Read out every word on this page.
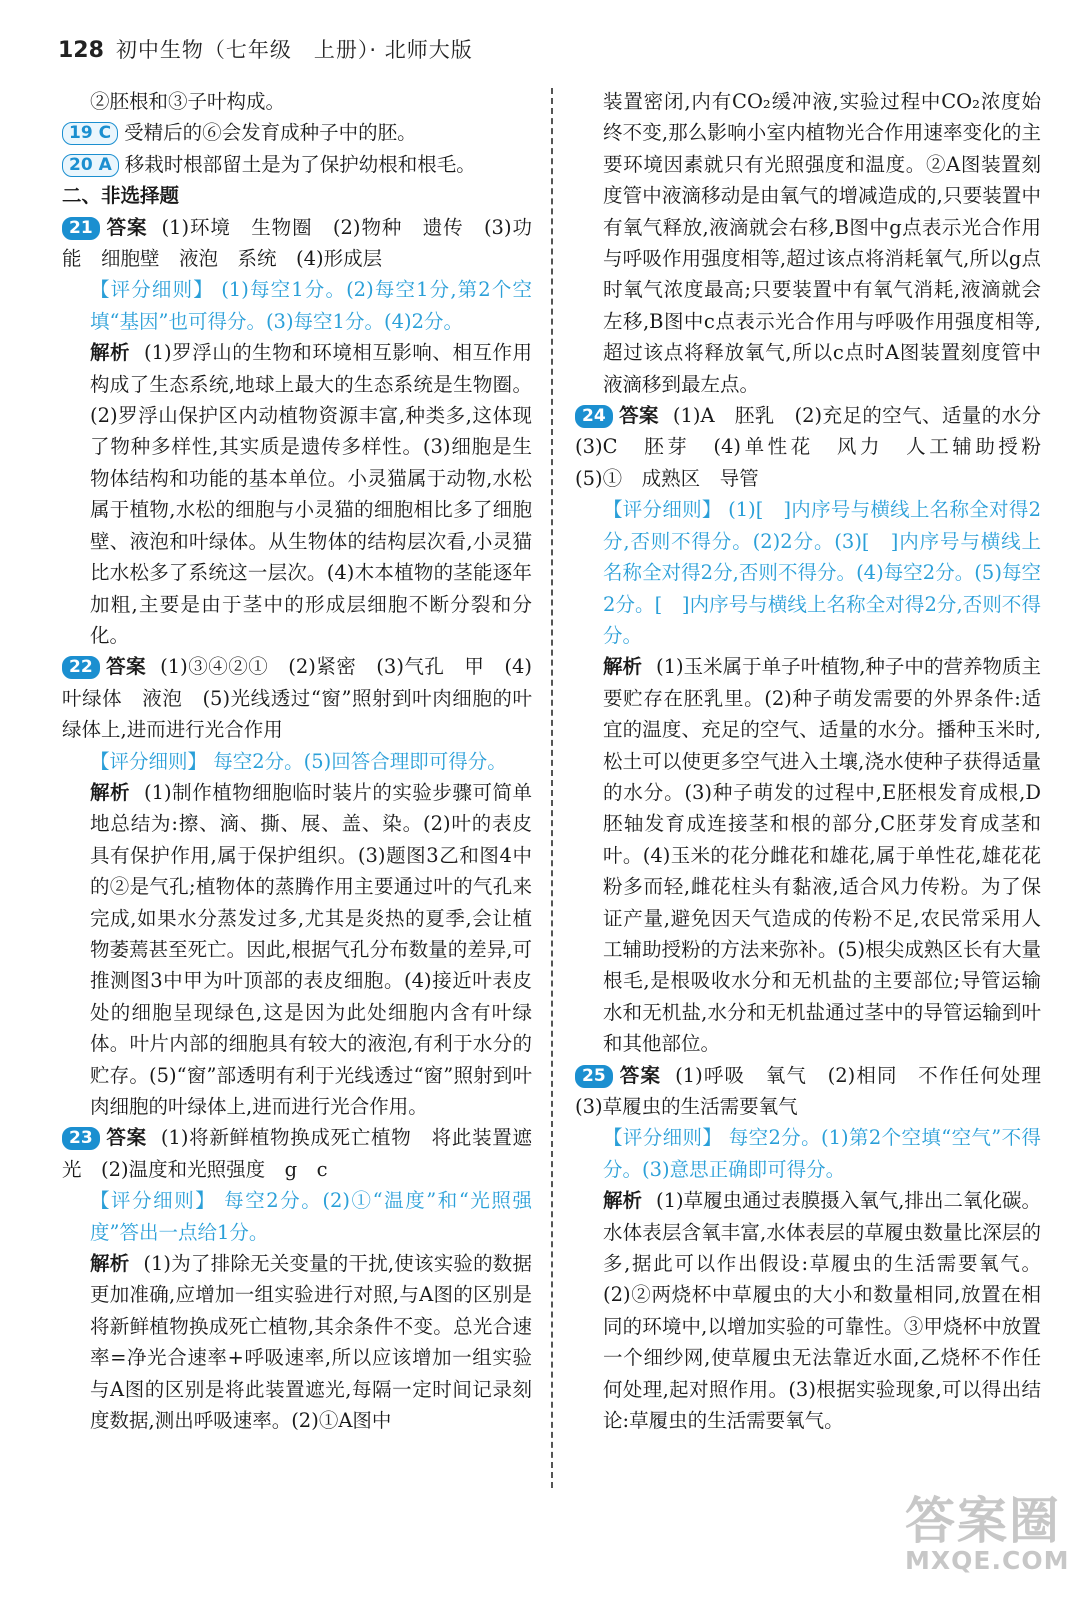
128 初中生物（七年级　上册）· 北师大版

②胚根和③子叶构成。

19 C 受精后的⑥会发育成种子中的胚。

20 A 移栽时根部留土是为了保护幼根和根毛。

二、非选择题

21 答案 (1)环境　生物圈　(2)物种　遗传　(3)功能　细胞壁　液泡　系统　(4)形成层

【评分细则】 (1)每空1分。(2)每空1分,第2个空填“基因”也可得分。(3)每空1分。(4)2分。

解析 (1)罗浮山的生物和环境相互影响、相互作用构成了生态系统,地球上最大的生态系统是生物圈。(2)罗浮山保护区内动植物资源丰富,种类多,这体现了物种多样性,其实质是遗传多样性。(3)细胞是生物体结构和功能的基本单位。小灵猫属于动物,水松属于植物,水松的细胞与小灵猫的细胞相比多了细胞壁、液泡和叶绿体。从生物体的结构层次看,小灵猫比水松多了系统这一层次。(4)木本植物的茎能逐年加粗,主要是由于茎中的形成层细胞不断分裂和分化。

22 答案 (1)③④②①　(2)紧密　(3)气孔　甲　(4)叶绿体　液泡　(5)光线透过“窗”照射到叶肉细胞的叶绿体上,进而进行光合作用

【评分细则】 每空2分。(5)回答合理即可得分。

解析 (1)制作植物细胞临时装片的实验步骤可简单地总结为:擦、滴、撕、展、盖、染。(2)叶的表皮具有保护作用,属于保护组织。(3)题图3乙和图4中的②是气孔;植物体的蒸腾作用主要通过叶的气孔来完成,如果水分蒸发过多,尤其是炎热的夏季,会让植物萎蔫甚至死亡。因此,根据气孔分布数量的差异,可推测图3中甲为叶顶部的表皮细胞。(4)接近叶表皮处的细胞呈现绿色,这是因为此处细胞内含有叶绿体。叶片内部的细胞具有较大的液泡,有利于水分的贮存。(5)“窗”部透明有利于光线透过“窗”照射到叶肉细胞的叶绿体上,进而进行光合作用。

23 答案 (1)将新鲜植物换成死亡植物　将此装置遮光　(2)温度和光照强度　g　c

【评分细则】 每空2分。(2)①“温度”和“光照强度”答出一点给1分。

解析 (1)为了排除无关变量的干扰,使该实验的数据更加准确,应增加一组实验进行对照,与A图的区别是将新鲜植物换成死亡植物,其余条件不变。总光合速率=净光合速率+呼吸速率,所以应该增加一组实验与A图的区别是将此装置遮光,每隔一定时间记录刻度数据,测出呼吸速率。(2)①A图中

装置密闭,内有CO₂缓冲液,实验过程中CO₂浓度始终不变,那么影响小室内植物光合作用速率变化的主要环境因素就只有光照强度和温度。②A图装置刻度管中液滴移动是由氧气的增减造成的,只要装置中有氧气释放,液滴就会右移,B图中g点表示光合作用与呼吸作用强度相等,超过该点将消耗氧气,所以g点时氧气浓度最高;只要装置中有氧气消耗,液滴就会左移,B图中c点表示光合作用与呼吸作用强度相等,超过该点将释放氧气,所以c点时A图装置刻度管中液滴移到最左点。

24 答案 (1)A　胚乳　(2)充足的空气、适量的水分　(3)C　胚芽　(4)单性花　风力　人工辅助授粉　(5)①　成熟区　导管

【评分细则】 (1)[　]内序号与横线上名称全对得2分,否则不得分。(2)2分。(3)[　]内序号与横线上名称全对得2分,否则不得分。(4)每空2分。(5)每空2分。[　]内序号与横线上名称全对得2分,否则不得分。

解析 (1)玉米属于单子叶植物,种子中的营养物质主要贮存在胚乳里。(2)种子萌发需要的外界条件:适宜的温度、充足的空气、适量的水分。播种玉米时,松土可以使更多空气进入土壤,浇水使种子获得适量的水分。(3)种子萌发的过程中,E胚根发育成根,D胚轴发育成连接茎和根的部分,C胚芽发育成茎和叶。(4)玉米的花分雌花和雄花,属于单性花,雄花花粉多而轻,雌花柱头有黏液,适合风力传粉。为了保证产量,避免因天气造成的传粉不足,农民常采用人工辅助授粉的方法来弥补。(5)根尖成熟区长有大量根毛,是根吸收水分和无机盐的主要部位;导管运输水和无机盐,水分和无机盐通过茎中的导管运输到叶和其他部位。

25 答案 (1)呼吸　氧气　(2)相同　不作任何处理　(3)草履虫的生活需要氧气

【评分细则】 每空2分。(1)第2个空填“空气”不得分。(3)意思正确即可得分。

解析 (1)草履虫通过表膜摄入氧气,排出二氧化碳。水体表层含氧丰富,水体表层的草履虫数量比深层的多,据此可以作出假设:草履虫的生活需要氧气。(2)②两烧杯中草履虫的大小和数量相同,放置在相同的环境中,以增加实验的可靠性。③甲烧杯中放置一个细纱网,使草履虫无法靠近水面,乙烧杯不作任何处理,起对照作用。(3)根据实验现象,可以得出结论:草履虫的生活需要氧气。

答案圈
MXQE.COM
